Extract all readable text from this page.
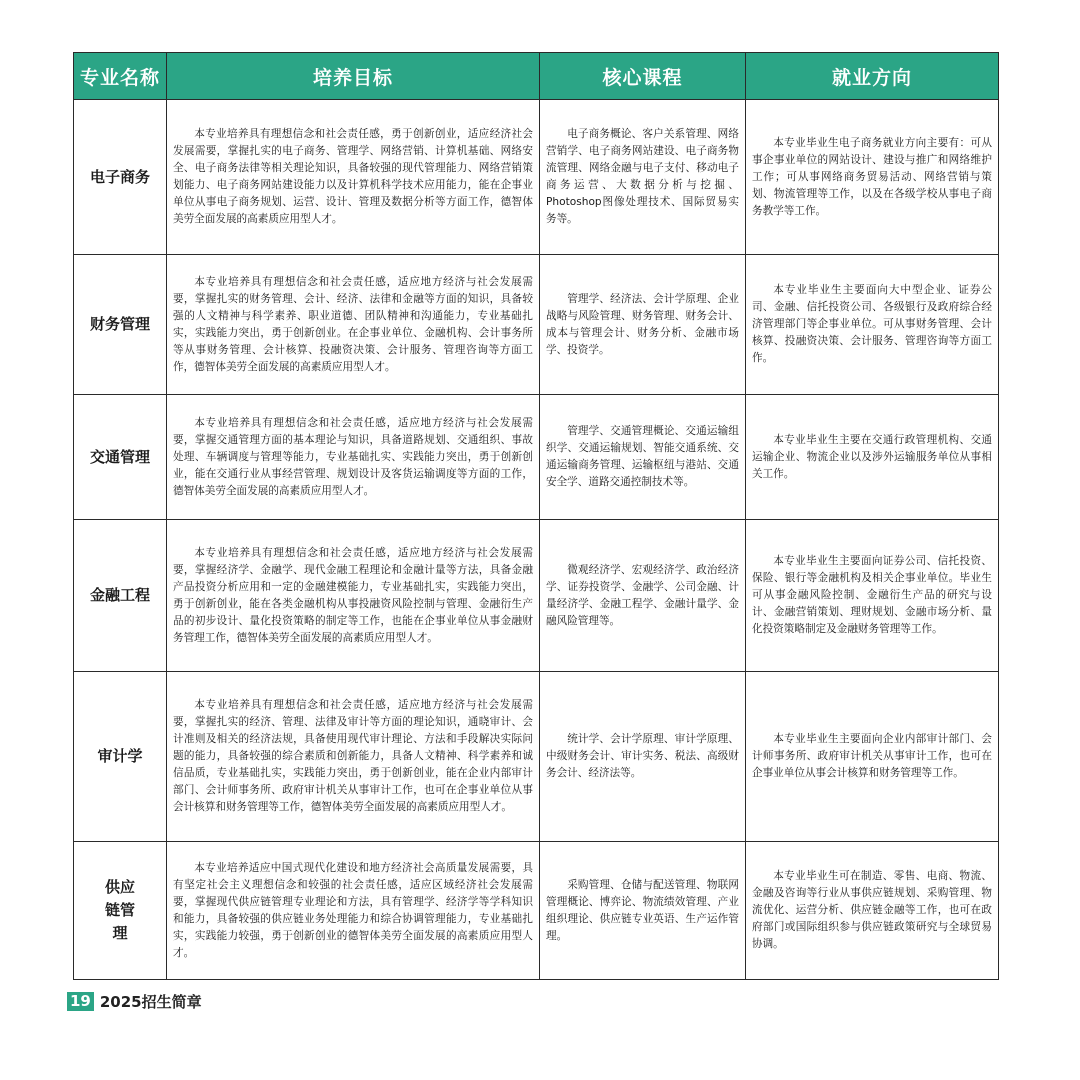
专业名称	培养目标	核心课程	就业方向
电子商务	本专业培养具有理想信念和社会责任感，勇于创新创业，适应经济社会发展需要，掌握扎实的电子商务、管理学、网络营销、计算机基础、网络安全、电子商务法律等相关理论知识，具备较强的现代管理能力、网络营销策划能力、电子商务网站建设能力以及计算机科学技术应用能力，能在企事业单位从事电子商务规划、运营、设计、管理及数据分析等方面工作，德智体美劳全面发展的高素质应用型人才。	电子商务概论、客户关系管理、网络营销学、电子商务网站建设、电子商务物流管理、网络金融与电子支付、移动电子商务运营、大数据分析与挖掘、Photoshop图像处理技术、国际贸易实务等。	本专业毕业生电子商务就业方向主要有：可从事企事业单位的网站设计、建设与推广和网络维护工作；可从事网络商务贸易活动、网络营销与策划、物流管理等工作，以及在各级学校从事电子商务教学等工作。

财务管理	本专业培养具有理想信念和社会责任感，适应地方经济与社会发展需要，掌握扎实的财务管理、会计、经济、法律和金融等方面的知识，具备较强的人文精神与科学素养、职业道德、团队精神和沟通能力，专业基础扎实，实践能力突出，勇于创新创业。在企事业单位、金融机构、会计事务所等从事财务管理、会计核算、投融资决策、会计服务、管理咨询等方面工作，德智体美劳全面发展的高素质应用型人才。	管理学、经济法、会计学原理、企业战略与风险管理、财务管理、财务会计、成本与管理会计、财务分析、金融市场学、投资学。	本专业毕业生主要面向大中型企业、证券公司、金融、信托投资公司、各级银行及政府综合经济管理部门等企事业单位。可从事财务管理、会计核算、投融资决策、会计服务、管理咨询等方面工作。

交通管理	本专业培养具有理想信念和社会责任感，适应地方经济与社会发展需要，掌握交通管理方面的基本理论与知识，具备道路规划、交通组织、事故处理、车辆调度与管理等能力，专业基础扎实、实践能力突出，勇于创新创业，能在交通行业从事经营管理、规划设计及客货运输调度等方面的工作，德智体美劳全面发展的高素质应用型人才。	管理学、交通管理概论、交通运输组织学、交通运输规划、智能交通系统、交通运输商务管理、运输枢纽与港站、交通安全学、道路交通控制技术等。	本专业毕业生主要在交通行政管理机构、交通运输企业、物流企业以及涉外运输服务单位从事相关工作。

金融工程	本专业培养具有理想信念和社会责任感，适应地方经济与社会发展需要，掌握经济学、金融学、现代金融工程理论和金融计量等方法，具备金融产品投资分析应用和一定的金融建模能力，专业基础扎实，实践能力突出，勇于创新创业，能在各类金融机构从事投融资风险控制与管理、金融衍生产品的初步设计、量化投资策略的制定等工作，也能在企事业单位从事金融财务管理工作，德智体美劳全面发展的高素质应用型人才。	微观经济学、宏观经济学、政治经济学、证券投资学、金融学、公司金融、计量经济学、金融工程学、金融计量学、金融风险管理等。	本专业毕业生主要面向证券公司、信托投资、保险、银行等金融机构及相关企事业单位。毕业生可从事金融风险控制、金融衍生产品的研究与设计、金融营销策划、理财规划、金融市场分析、量化投资策略制定及金融财务管理等工作。

审计学	本专业培养具有理想信念和社会责任感，适应地方经济与社会发展需要，掌握扎实的经济、管理、法律及审计等方面的理论知识，通晓审计、会计准则及相关的经济法规，具备使用现代审计理论、方法和手段解决实际问题的能力，具备较强的综合素质和创新能力，具备人文精神、科学素养和诚信品质，专业基础扎实，实践能力突出，勇于创新创业，能在企业内部审计部门、会计师事务所、政府审计机关从事审计工作，也可在企事业单位从事会计核算和财务管理等工作，德智体美劳全面发展的高素质应用型人才。	统计学、会计学原理、审计学原理、中级财务会计、审计实务、税法、高级财务会计、经济法等。	本专业毕业生主要面向企业内部审计部门、会计师事务所、政府审计机关从事审计工作，也可在企事业单位从事会计核算和财务管理等工作。

供应链管理	本专业培养适应中国式现代化建设和地方经济社会高质量发展需要，具有坚定社会主义理想信念和较强的社会责任感，适应区域经济社会发展需要，掌握现代供应链管理专业理论和方法，具有管理学、经济学等学科知识和能力，具备较强的供应链业务处理能力和综合协调管理能力，专业基础扎实，实践能力较强，勇于创新创业的德智体美劳全面发展的高素质应用型人才。	采购管理、仓储与配送管理、物联网管理概论、博弈论、物流绩效管理、产业组织理论、供应链专业英语、生产运作管理。	本专业毕业生可在制造、零售、电商、物流、金融及咨询等行业从事供应链规划、采购管理、物流优化、运营分析、供应链金融等工作，也可在政府部门或国际组织参与供应链政策研究与全球贸易协调。

19 2025招生简章
